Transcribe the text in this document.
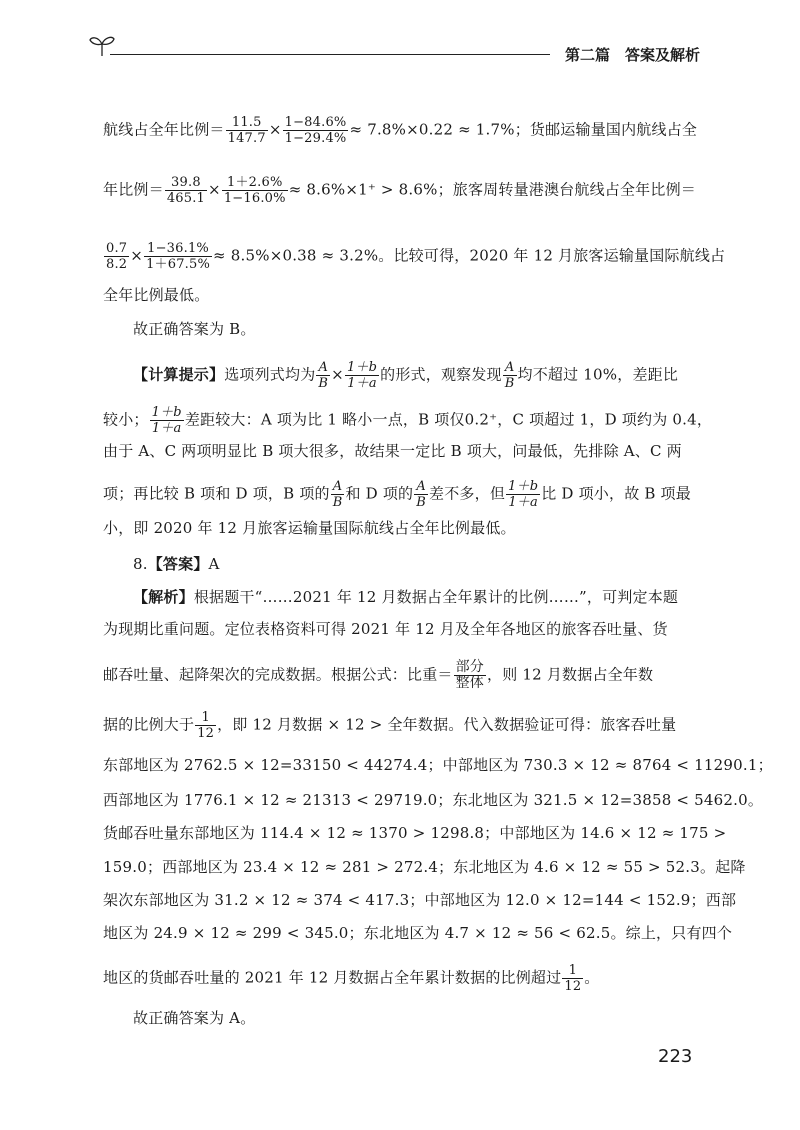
第二篇　答案及解析
航线占全年比例＝ $\frac{11.5}{147.7} \times \frac{1-84.6\%}{1-29.4\%} \approx 7.8\%\times 0.22 \approx 1.7\%$；货邮运输量国内航线占全
年比例＝ $\frac{39.8}{465.1} \times \frac{1+2.6\%}{1-16.0\%} \approx 8.6\%\times 1^+ > 8.6\%$；旅客周转量港澳台航线占全年比例＝
$\frac{0.7}{8.2} \times \frac{1-36.1\%}{1+67.5\%} \approx 8.5\%\times 0.38 \approx 3.2\%$。比较可得，2020 年 12 月旅客运输量国际航线占
全年比例最低。
故正确答案为 B。
【计算提示】选项列式均为 $\frac{A}{B} \times \frac{1+b}{1+a}$ 的形式，观察发现 $\frac{A}{B}$ 均不超过 10%，差距比
较小； $\frac{1+b}{1+a}$ 差距较大：A 项为比 1 略小一点，B 项仅0.2⁺，C 项超过 1，D 项约为 0.4，
由于 A、C 两项明显比 B 项大很多，故结果一定比 B 项大，问最低，先排除 A、C 两
项；再比较 B 项和 D 项，B 项的 $\frac{A}{B}$ 和 D 项的 $\frac{A}{B}$ 差不多，但 $\frac{1+b}{1+a}$ 比 D 项小，故 B 项最
小，即 2020 年 12 月旅客运输量国际航线占全年比例最低。
8.【答案】A
【解析】根据题干“……2021 年 12 月数据占全年累计的比例……”，可判定本题
为现期比重问题。定位表格资料可得 2021 年 12 月及全年各地区的旅客吞吐量、货
邮吞吐量、起降架次的完成数据。根据公式：比重＝ $\frac{\text{部分}}{\text{整体}}$ ，则 12 月数据占全年数
据的比例大于 $\frac{1}{12}$ ，即 12 月数据 × 12 > 全年数据。代入数据验证可得：旅客吞吐量
东部地区为 2762.5 × 12=33150 < 44274.4；中部地区为 730.3 × 12 ≈ 8764 < 11290.1；
西部地区为 1776.1 × 12 ≈ 21313 < 29719.0；东北地区为 321.5 × 12=3858 < 5462.0。
货邮吞吐量东部地区为 114.4 × 12 ≈ 1370 > 1298.8；中部地区为 14.6 × 12 ≈ 175 >
159.0；西部地区为 23.4 × 12 ≈ 281 > 272.4；东北地区为 4.6 × 12 ≈ 55 > 52.3。起降
架次东部地区为 31.2 × 12 ≈ 374 < 417.3；中部地区为 12.0 × 12=144 < 152.9；西部
地区为 24.9 × 12 ≈ 299 < 345.0；东北地区为 4.7 × 12 ≈ 56 < 62.5。综上，只有四个
地区的货邮吞吐量的 2021 年 12 月数据占全年累计数据的比例超过 $\frac{1}{12}$ 。
故正确答案为 A。
223
